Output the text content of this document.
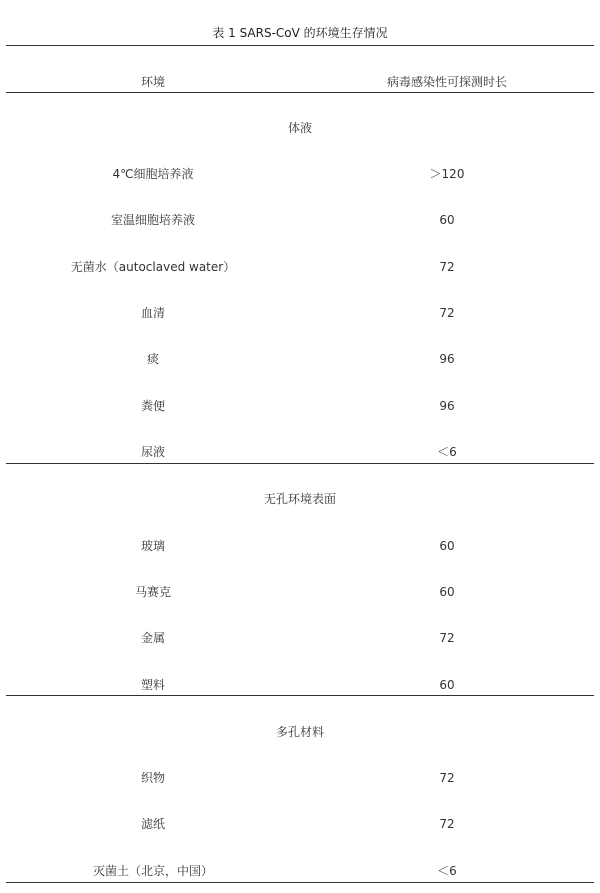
表 1 SARS-CoV 的环境生存情况
环境	病毒感染性可探测时长
体液
4℃细胞培养液	＞120
室温细胞培养液	60
无菌水（autoclaved water）	72
血清	72
痰	96
粪便	96
尿液	＜6
无孔环境表面
玻璃	60
马赛克	60
金属	72
塑料	60
多孔材料
织物	72
滤纸	72
灭菌土（北京，中国）	＜6
